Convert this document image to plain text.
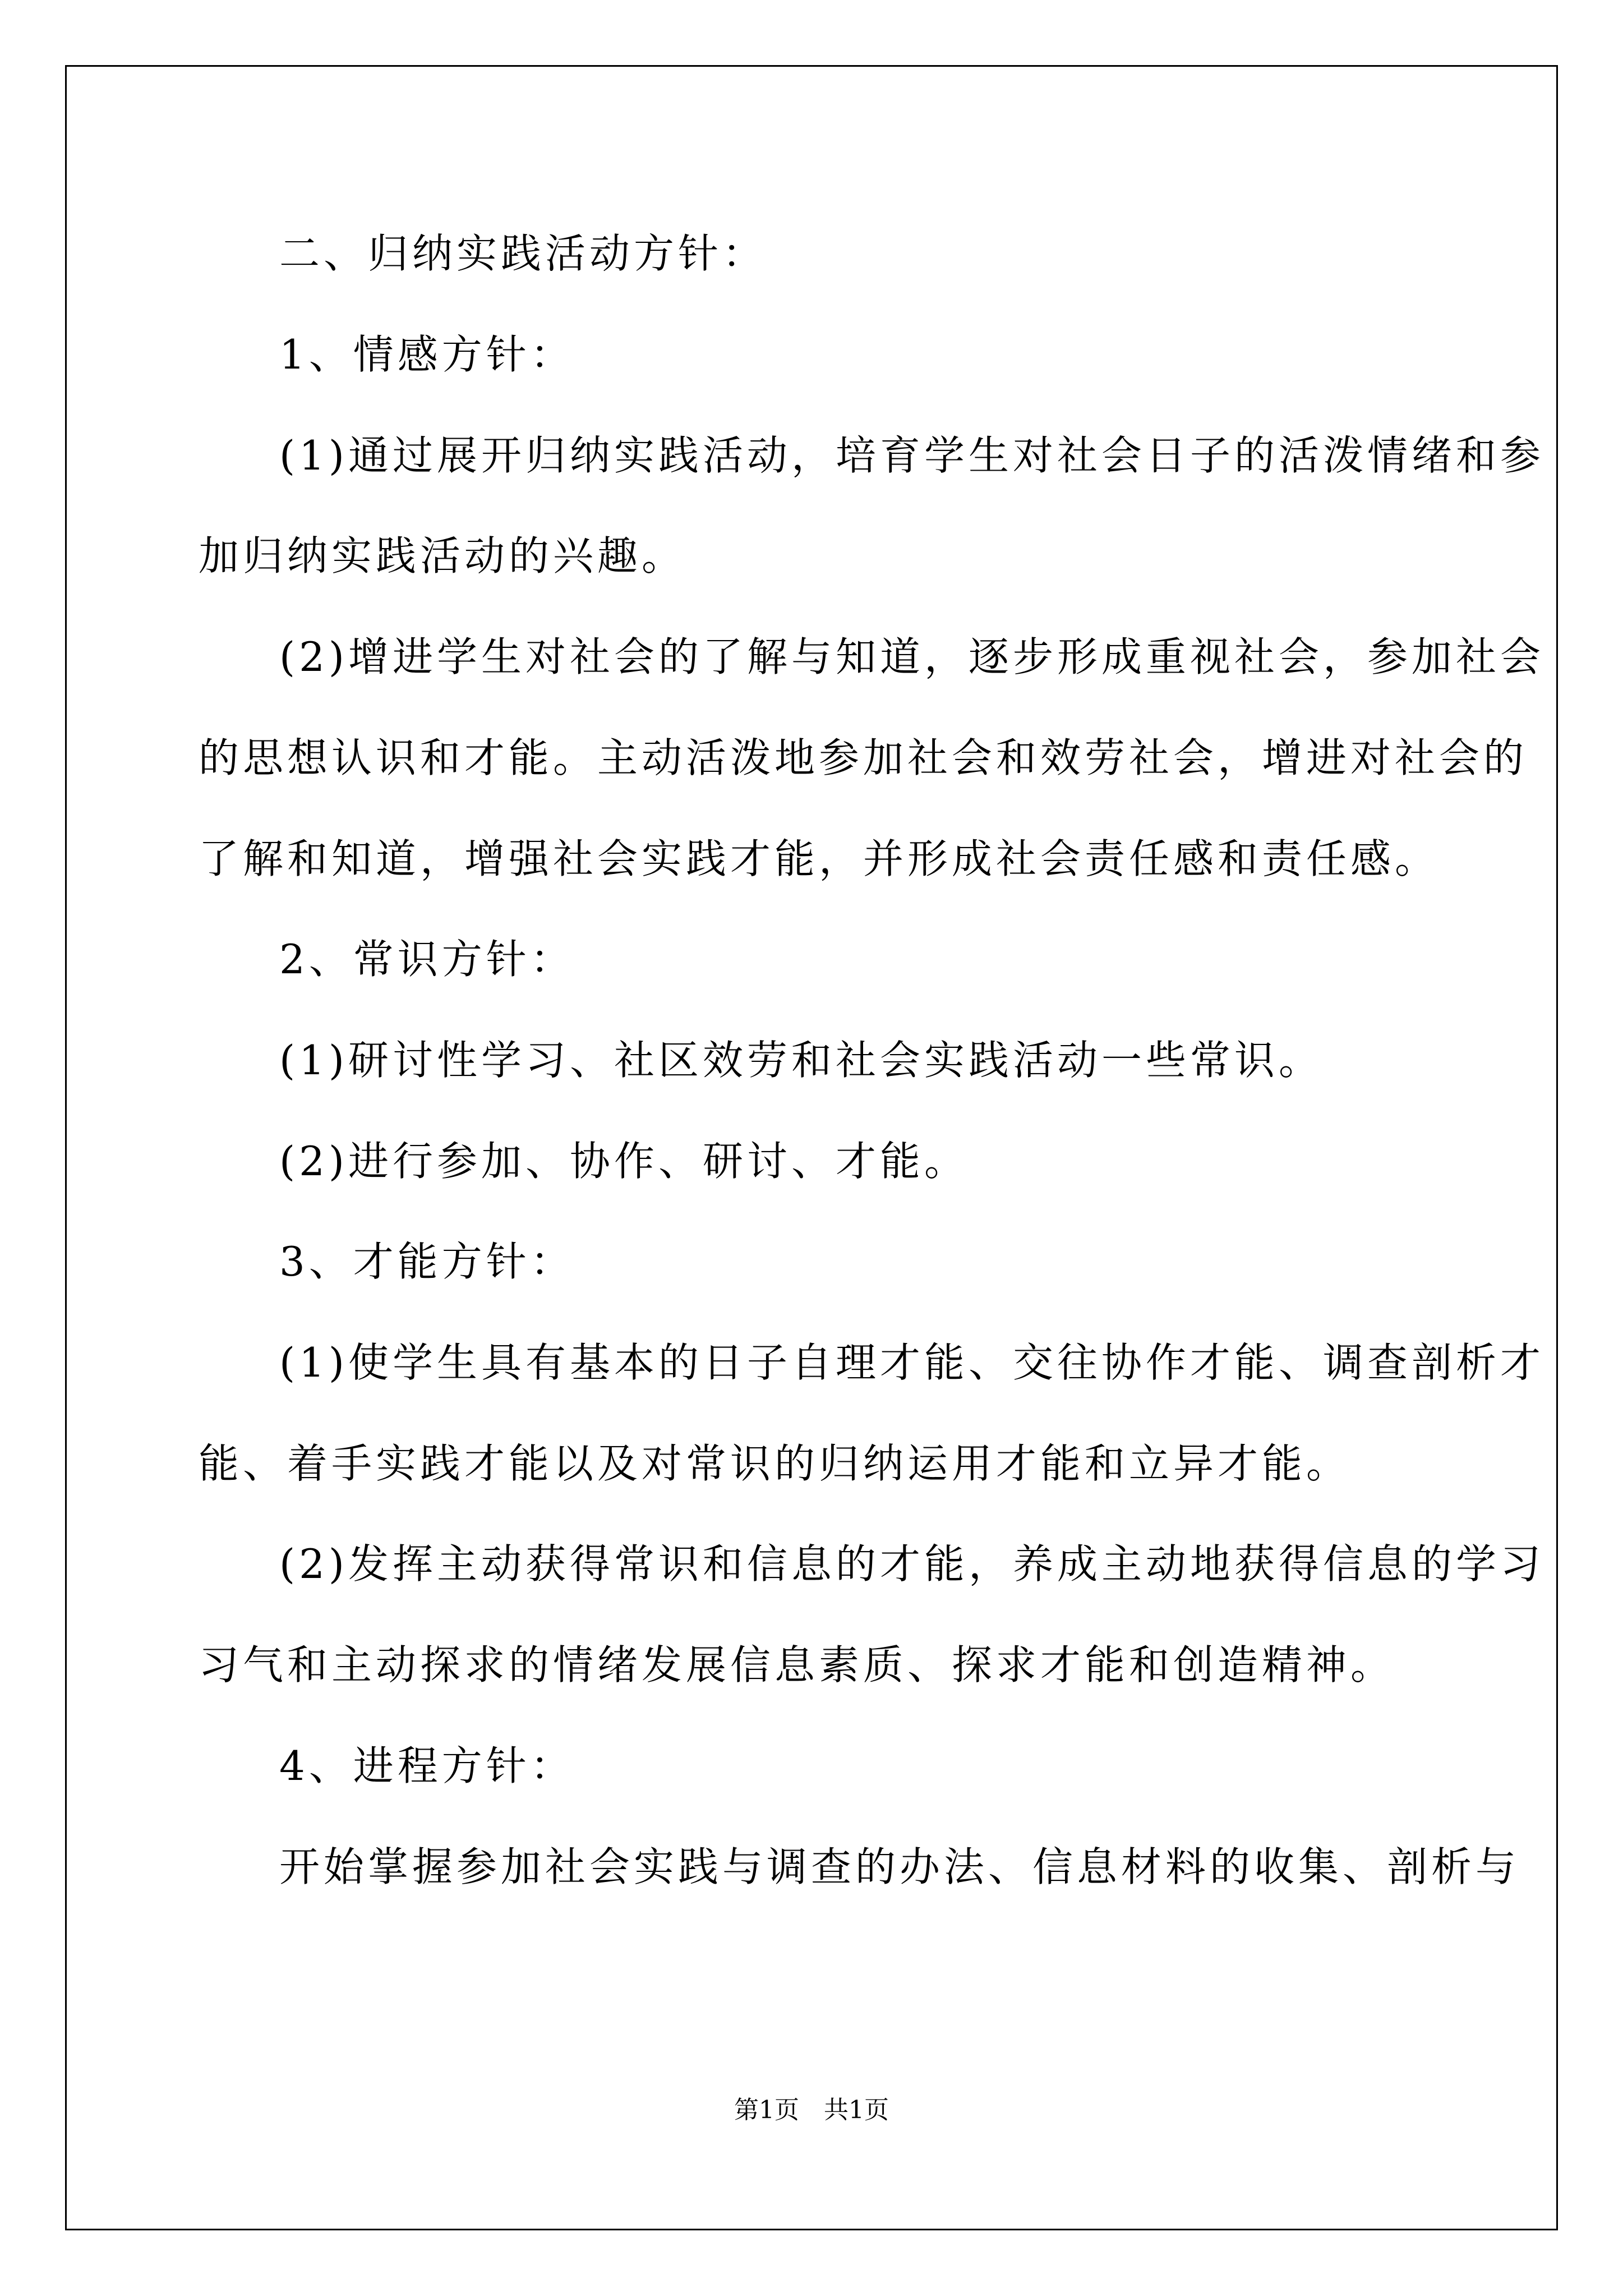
二、归纳实践活动方针：
1、情感方针：
(1)通过展开归纳实践活动，培育学生对社会日子的活泼情绪和参
加归纳实践活动的兴趣。
(2)增进学生对社会的了解与知道，逐步形成重视社会，参加社会
的思想认识和才能。主动活泼地参加社会和效劳社会，增进对社会的
了解和知道，增强社会实践才能，并形成社会责任感和责任感。
2、常识方针：
(1)研讨性学习、社区效劳和社会实践活动一些常识。
(2)进行参加、协作、研讨、才能。
3、才能方针：
(1)使学生具有基本的日子自理才能、交往协作才能、调查剖析才
能、着手实践才能以及对常识的归纳运用才能和立异才能。
(2)发挥主动获得常识和信息的才能，养成主动地获得信息的学习
习气和主动探求的情绪发展信息素质、探求才能和创造精神。
4、进程方针：
开始掌握参加社会实践与调查的办法、信息材料的收集、剖析与
第1页　共1页
